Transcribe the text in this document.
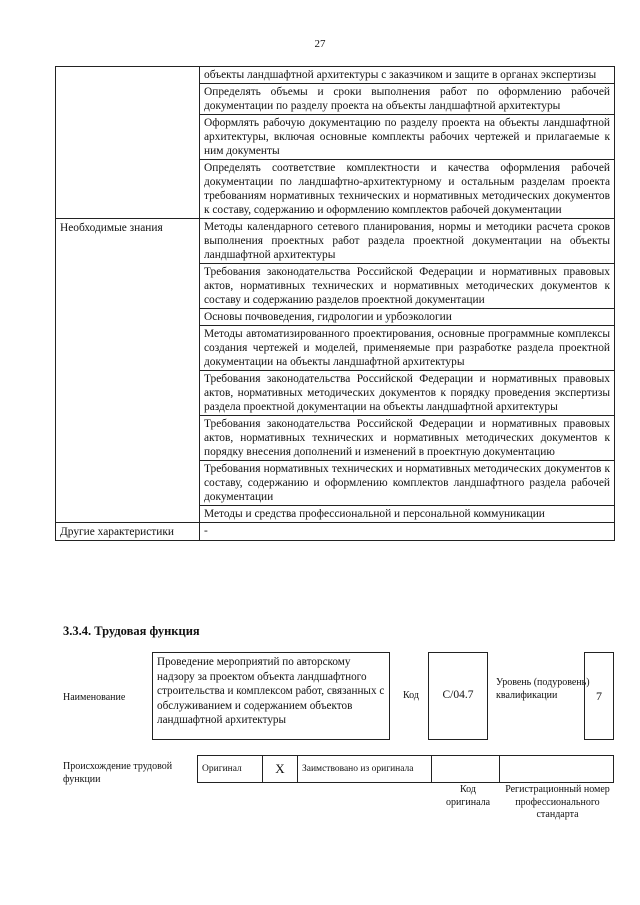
27
	объекты ландшафтной архитектуры с заказчиком и защите в органах экспертизы
	Определять объемы и сроки выполнения работ по оформлению рабочей документации по разделу проекта на объекты ландшафтной архитектуры
	Оформлять рабочую документацию по разделу проекта на объекты ландшафтной архитектуры, включая основные комплекты рабочих чертежей и прилагаемые к ним документы
	Определять соответствие комплектности и качества оформления рабочей документации по ландшафтно-архитектурному и остальным разделам проекта требованиям нормативных технических и нормативных методических документов к составу, содержанию и оформлению комплектов рабочей документации
Необходимые знания	Методы календарного сетевого планирования, нормы и методики расчета сроков выполнения проектных работ раздела проектной документации на объекты ландшафтной архитектуры
	Требования законодательства Российской Федерации и нормативных правовых актов, нормативных технических и нормативных методических документов к составу и содержанию разделов проектной документации
	Основы почвоведения, гидрологии и урбоэкологии
	Методы автоматизированного проектирования, основные программные комплексы создания чертежей и моделей, применяемые при разработке раздела проектной документации на объекты ландшафтной архитектуры
	Требования законодательства Российской Федерации и нормативных правовых актов, нормативных методических документов к порядку проведения экспертизы раздела проектной документации на объекты ландшафтной архитектуры
	Требования законодательства Российской Федерации и нормативных правовых актов, нормативных технических и нормативных методических документов к порядку внесения дополнений и изменений в проектную документацию
	Требования нормативных технических и нормативных методических документов к составу, содержанию и оформлению комплектов ландшафтного раздела рабочей документации
	Методы и средства профессиональной и персональной коммуникации
Другие характеристики	-
3.3.4. Трудовая функция
Наименование
Проведение мероприятий по авторскому надзору за проектом объекта ландшафтного строительства и комплексом работ, связанных с обслуживанием и содержанием объектов ландшафтной архитектуры
Код	С/04.7
Уровень (подуровень) квалификации	7
Происхождение трудовой функции
Оригинал	X	Заимствовано из оригинала		
Код оригинала
Регистрационный номер профессионального стандарта
